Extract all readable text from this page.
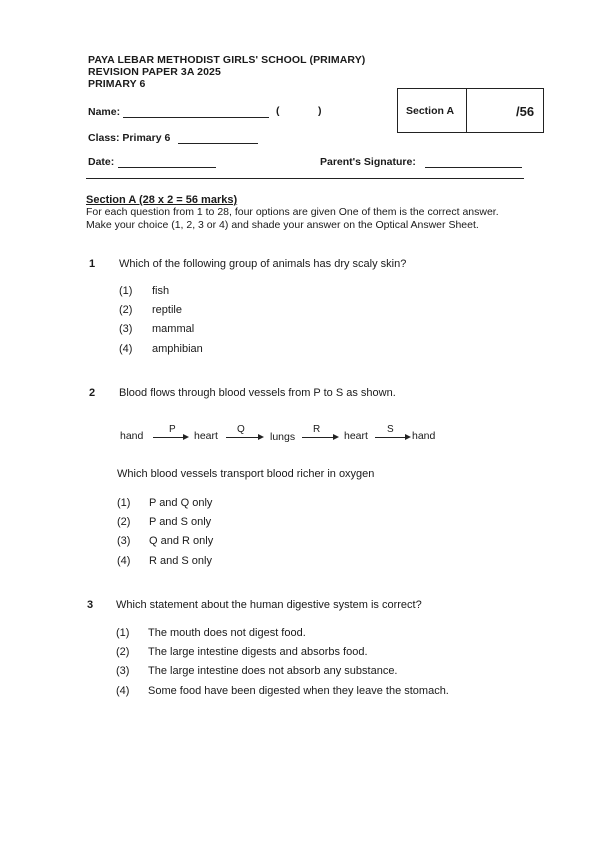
PAYA LEBAR METHODIST GIRLS' SCHOOL (PRIMARY)
REVISION PAPER 3A 2025
PRIMARY 6
Section A	/56
Name:	(	)
Class: Primary 6
Date:	Parent's Signature:
Section A (28 x 2 = 56 marks)
For each question from 1 to 28, four options are given One of them is the correct answer.
Make your choice (1, 2, 3 or 4) and shade your answer on the Optical Answer Sheet.
1 Which of the following group of animals has dry scaly skin?
(1) fish
(2) reptile
(3) mammal
(4) amphibian
2 Blood flows through blood vessels from P to S as shown.
hand
P
heart
Q
lungs
R
heart
S
hand
Which blood vessels transport blood richer in oxygen
(1) P and Q only
(2) P and S only
(3) Q and R only
(4) R and S only
3 Which statement about the human digestive system is correct?
(1) The mouth does not digest food.
(2) The large intestine digests and absorbs food.
(3) The large intestine does not absorb any substance.
(4) Some food have been digested when they leave the stomach.
